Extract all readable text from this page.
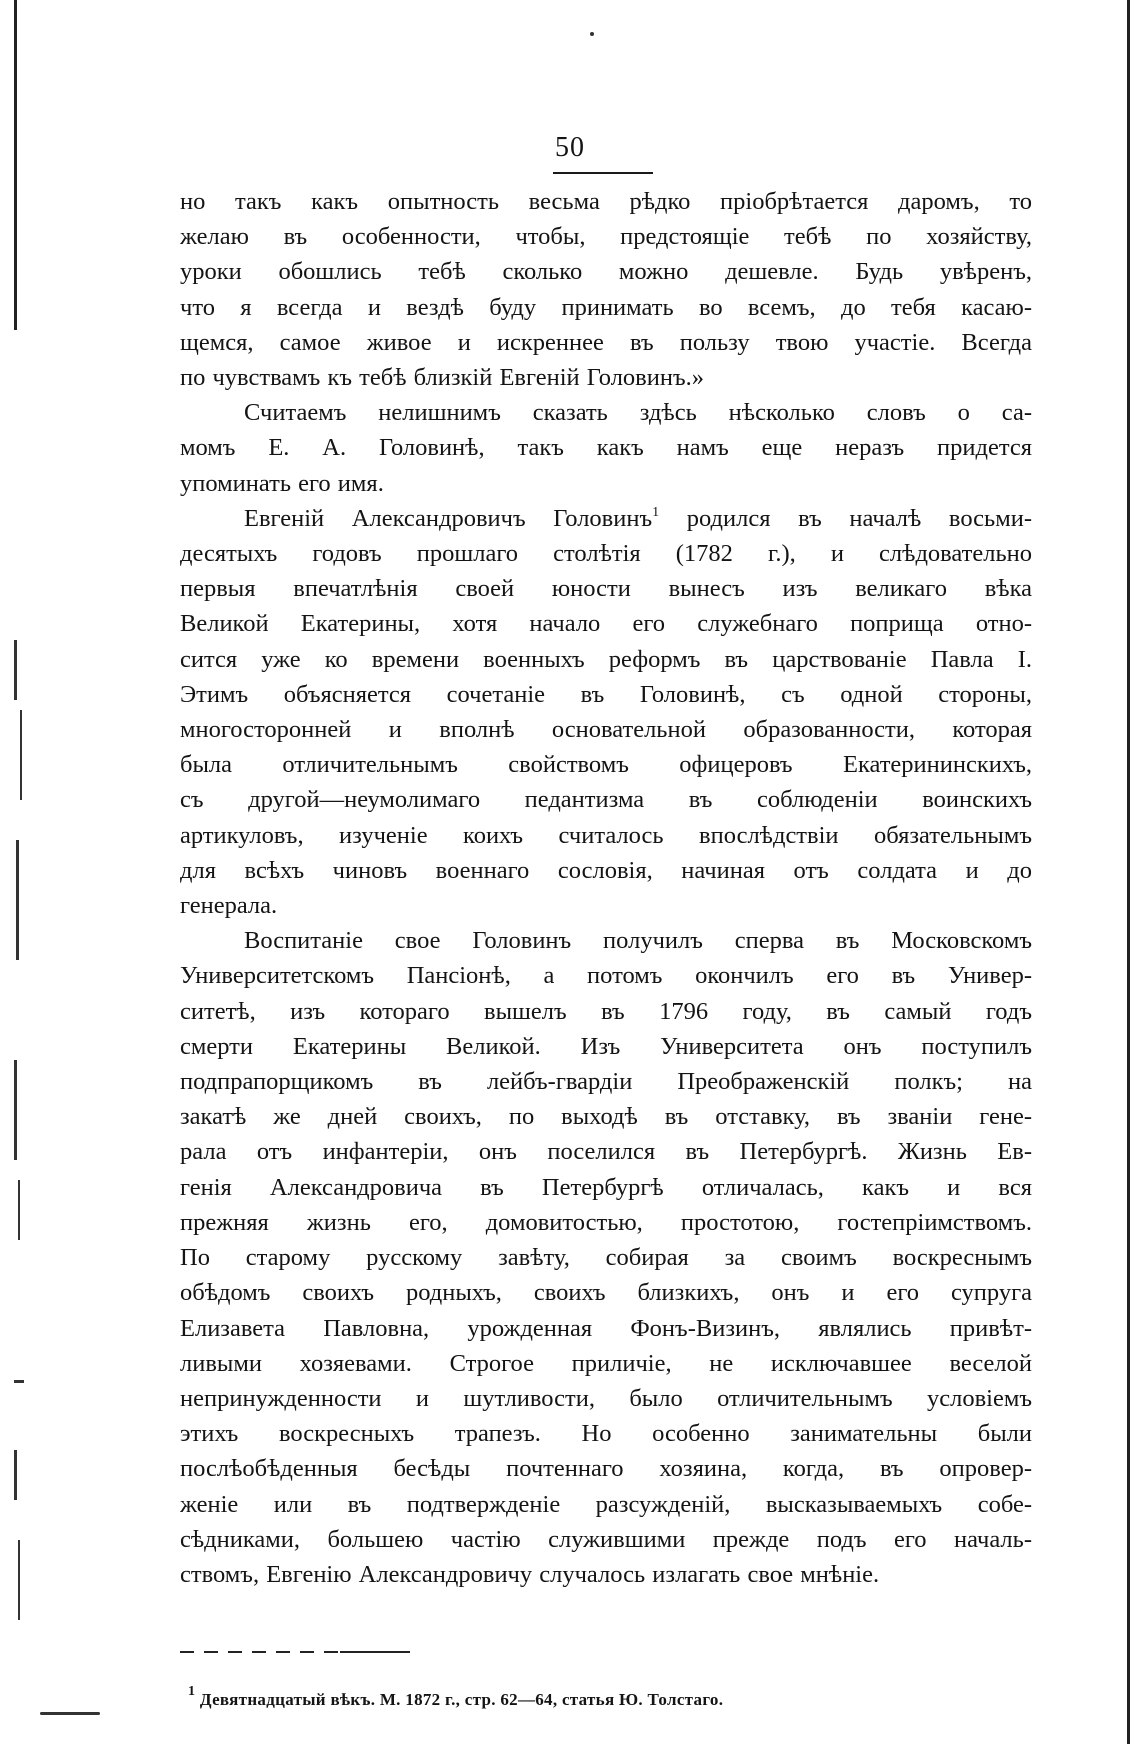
50

но такъ какъ опытность весьма рѣдко пріобрѣтается даромъ, то
желаю въ особенности, чтобы, предстоящіе тебѣ по хозяйству,
уроки обошлись тебѣ сколько можно дешевле. Будь увѣренъ,
что я всегда и вездѣ буду принимать во всемъ, до тебя касаю-
щемся, самое живое и искреннее въ пользу твою участіе. Всегда
по чувствамъ къ тебѣ близкій Евгеній Головинъ.»

Считаемъ нелишнимъ сказать здѣсь нѣсколько словъ о са-
момъ Е. А. Головинѣ, такъ какъ намъ еще неразъ придется
упоминать его имя.

Евгеній Александровичъ Головинъ$^1$ родился въ началѣ восьми-
десятыхъ годовъ прошлаго столѣтія (1782 г.), и слѣдовательно
первыя впечатлѣнія своей юности вынесъ изъ великаго вѣка
Великой Екатерины, хотя начало его служебнаго поприща отно-
сится уже ко времени военныхъ реформъ въ царствованіе Павла I.
Этимъ объясняется сочетаніе въ Головинѣ, съ одной стороны,
многосторонней и вполнѣ основательной образованности, которая
была отличительнымъ свойствомъ офицеровъ Екатерининскихъ,
съ другой—неумолимаго педантизма въ соблюденіи воинскихъ
артикуловъ, изученіе коихъ считалось впослѣдствіи обязательнымъ
для всѣхъ чиновъ военнаго сословія, начиная отъ солдата и до
генерала.

Воспитаніе свое Головинъ получилъ сперва въ Московскомъ
Университетскомъ Пансіонѣ, а потомъ окончилъ его въ Универ-
ситетѣ, изъ котораго вышелъ въ 1796 году, въ самый годъ
смерти Екатерины Великой. Изъ Университета онъ поступилъ
подпрапорщикомъ въ лейбъ-гвардіи Преображенскій полкъ; на
закатѣ же дней своихъ, по выходѣ въ отставку, въ званіи гене-
рала отъ инфантеріи, онъ поселился въ Петербургѣ. Жизнь Ев-
генія Александровича въ Петербургѣ отличалась, какъ и вся
прежняя жизнь его, домовитостью, простотою, гостепріимствомъ.
По старому русскому завѣту, собирая за своимъ воскреснымъ
обѣдомъ своихъ родныхъ, своихъ близкихъ, онъ и его супруга
Елизавета Павловна, урожденная Фонъ-Визинъ, являлись привѣт-
ливыми хозяевами. Строгое приличіе, не исключавшее веселой
непринужденности и шутливости, было отличительнымъ условіемъ
этихъ воскресныхъ трапезъ. Но особенно занимательны были
послѣобѣденныя бесѣды почтеннаго хозяина, когда, въ опровер-
женіе или въ подтвержденіе разсужденій, высказываемыхъ собе-
сѣдниками, большею частію служившими прежде подъ его началь-
ствомъ, Евгенію Александровичу случалось излагать свое мнѣніе.

$^1$ Девятнадцатый вѣкъ. М. 1872 г., стр. 62—64, статья Ю. Толстаго.
